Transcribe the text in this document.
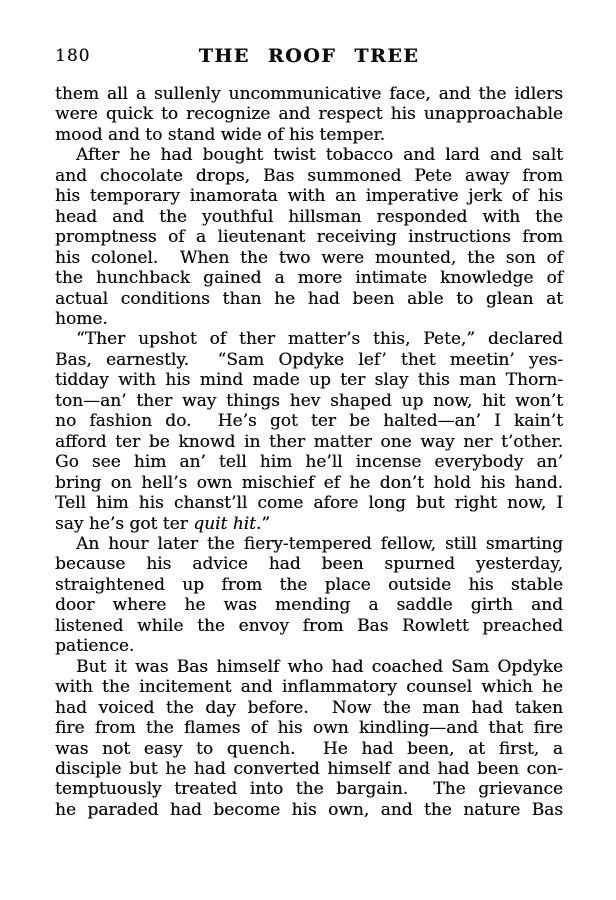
180	THE ROOF TREE
them all a sullenly uncommunicative face, and the idlers
were quick to recognize and respect his unapproachable
mood and to stand wide of his temper.
After he had bought twist tobacco and lard and salt
and chocolate drops, Bas summoned Pete away from
his temporary inamorata with an imperative jerk of his
head and the youthful hillsman responded with the
promptness of a lieutenant receiving instructions from
his colonel.  When the two were mounted, the son of
the hunchback gained a more intimate knowledge of
actual conditions than he had been able to glean at
home.
“Ther upshot of ther matter’s this, Pete,” declared
Bas, earnestly.  “Sam Opdyke lef’ thet meetin’ yes-
tidday with his mind made up ter slay this man Thorn-
ton—an’ ther way things hev shaped up now, hit won’t
no fashion do.  He’s got ter be halted—an’ I kain’t
afford ter be knowd in ther matter one way ner t’other.
Go see him an’ tell him he’ll incense everybody an’
bring on hell’s own mischief ef he don’t hold his hand.
Tell him his chanst’ll come afore long but right now, I
say he’s got ter quit hit.”
An hour later the fiery-tempered fellow, still smarting
because his advice had been spurned yesterday,
straightened up from the place outside his stable
door where he was mending a saddle girth and
listened while the envoy from Bas Rowlett preached
patience.
But it was Bas himself who had coached Sam Opdyke
with the incitement and inflammatory counsel which he
had voiced the day before.  Now the man had taken
fire from the flames of his own kindling—and that fire
was not easy to quench.  He had been, at first, a
disciple but he had converted himself and had been con-
temptuously treated into the bargain.  The grievance
he paraded had become his own, and the nature Bas
